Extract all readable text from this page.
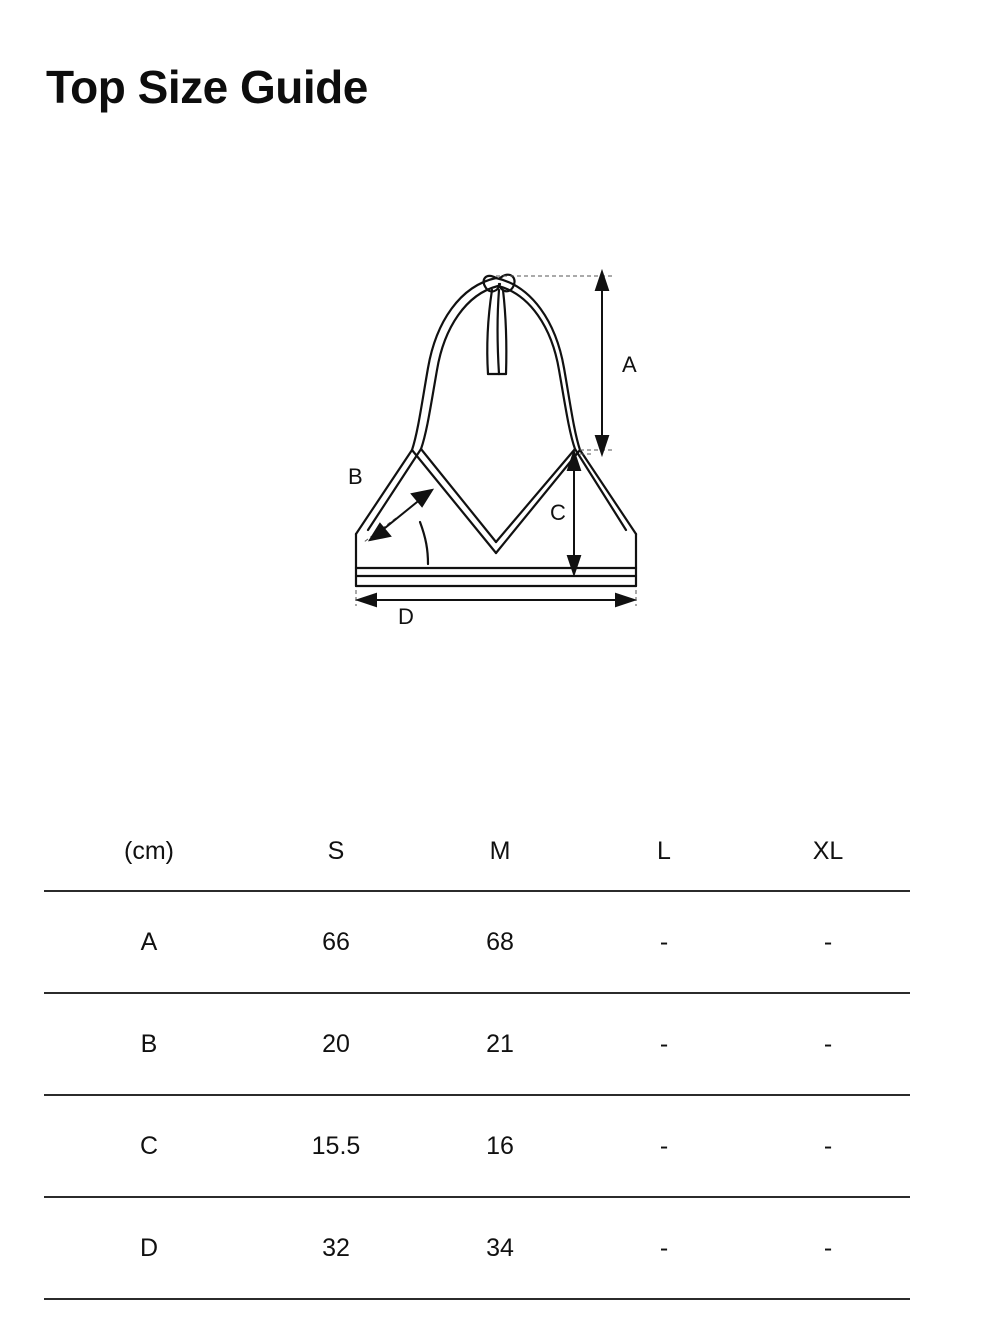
Top Size Guide
A
B
C
D
(cm)	S	M	L	XL
A	66	68	-	-
B	20	21	-	-
C	15.5	16	-	-
D	32	34	-	-
